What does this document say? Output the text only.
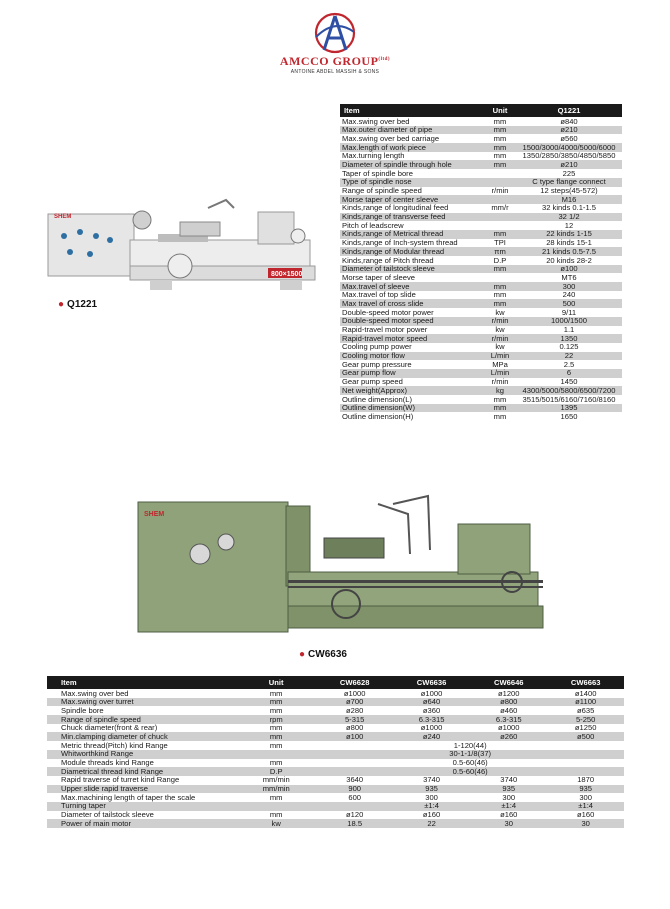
AMCCO $GROUP^{(ltd)}$
ANTOINE ABDEL MASSIH & SONS
SHEM
800×1500
● Q1221
SHEM
● CW6636
Item	Unit	Q1221
Max.swing over bed	mm	ø840
Max.outer diameter of pipe	mm	ø210
Max.swing over bed carriage	mm	ø560
Max.length of work piece	mm	1500/3000/4000/5000/6000
Max.turning length	mm	1350/2850/3850/4850/5850
Diameter of spindle through hole	mm	ø210
Taper of spindle bore		225
Type of spindle nose		C type flange connect
Range of spindle speed	r/min	12 steps(45-572)
Morse taper of center sleeve		M16
Kinds,range of longitudinal feed	mm/r	32 kinds 0.1-1.5
Kinds,range of transverse feed		32 1/2
Pitch of leadscrew		12
Kinds,range of Metrical thread	mm	22 kinds 1-15
Kinds,range of Inch-system thread	TPI	28 kinds 15-1
Kinds,range of Modular thread	πm	21 kinds 0.5-7.5
Kinds,range of Pitch thread	D.P	20 kinds 28-2
Diameter of tailstock sleeve	mm	ø100
Morse taper of sleeve		MT6
Max.travel of sleeve	mm	300
Max.travel of top slide	mm	240
Max travel of cross slide	mm	500
Double-speed motor power	kw	9/11
Double-speed motor speed	r/min	1000/1500
Rapid-travel motor power	kw	1.1
Rapid-travel motor speed	r/min	1350
Cooling pump power	kw	0.125
Cooling motor flow	L/min	22
Gear pump pressure	MPa	2.5
Gear pump flow	L/min	6
Gear pump speed	r/min	1450
Net weight(Approx)	kg	4300/5000/5800/6500/7200
Outline dimension(L)	mm	3515/5015/6160/7160/8160
Outline dimension(W)	mm	1395
Outline dimension(H)	mm	1650
Item	Unit	CW6628	CW6636	CW6646	CW6663
Max.swing over bed	mm	ø1000	ø1000	ø1200	ø1400
Max.swing over turret	mm	ø700	ø640	ø800	ø1100
Spindle bore	mm	ø280	ø360	ø460	ø635
Range of spindle speed	rpm	5-315	6.3-315	6.3-315	5-250
Chuck diameter(front & rear)	mm	ø800	ø1000	ø1000	ø1250
Min.clamping diameter of chuck	mm	ø100	ø240	ø260	ø500
Metric thread(Pitch) kind Range	mm	1-120(44)			
Whitworthkind Range		30-1-1/8(37)			
Module threads kind Range	mm	0.5-60(46)			
Diametrical thread kind Range	D.P	0.5-60(46)			
Rapid traverse of turret kind Range	mm/min	3640	3740	3740	1870
Upper slide rapid traverse	mm/min	900	935	935	935
Max.machining length of taper the scale	mm	600	300	300	300
Turning taper			±1:4	±1:4	±1:4
Diameter of tailstock sleeve	mm	ø120	ø160	ø160	ø160
Power of main motor	kw	18.5	22	30	30
